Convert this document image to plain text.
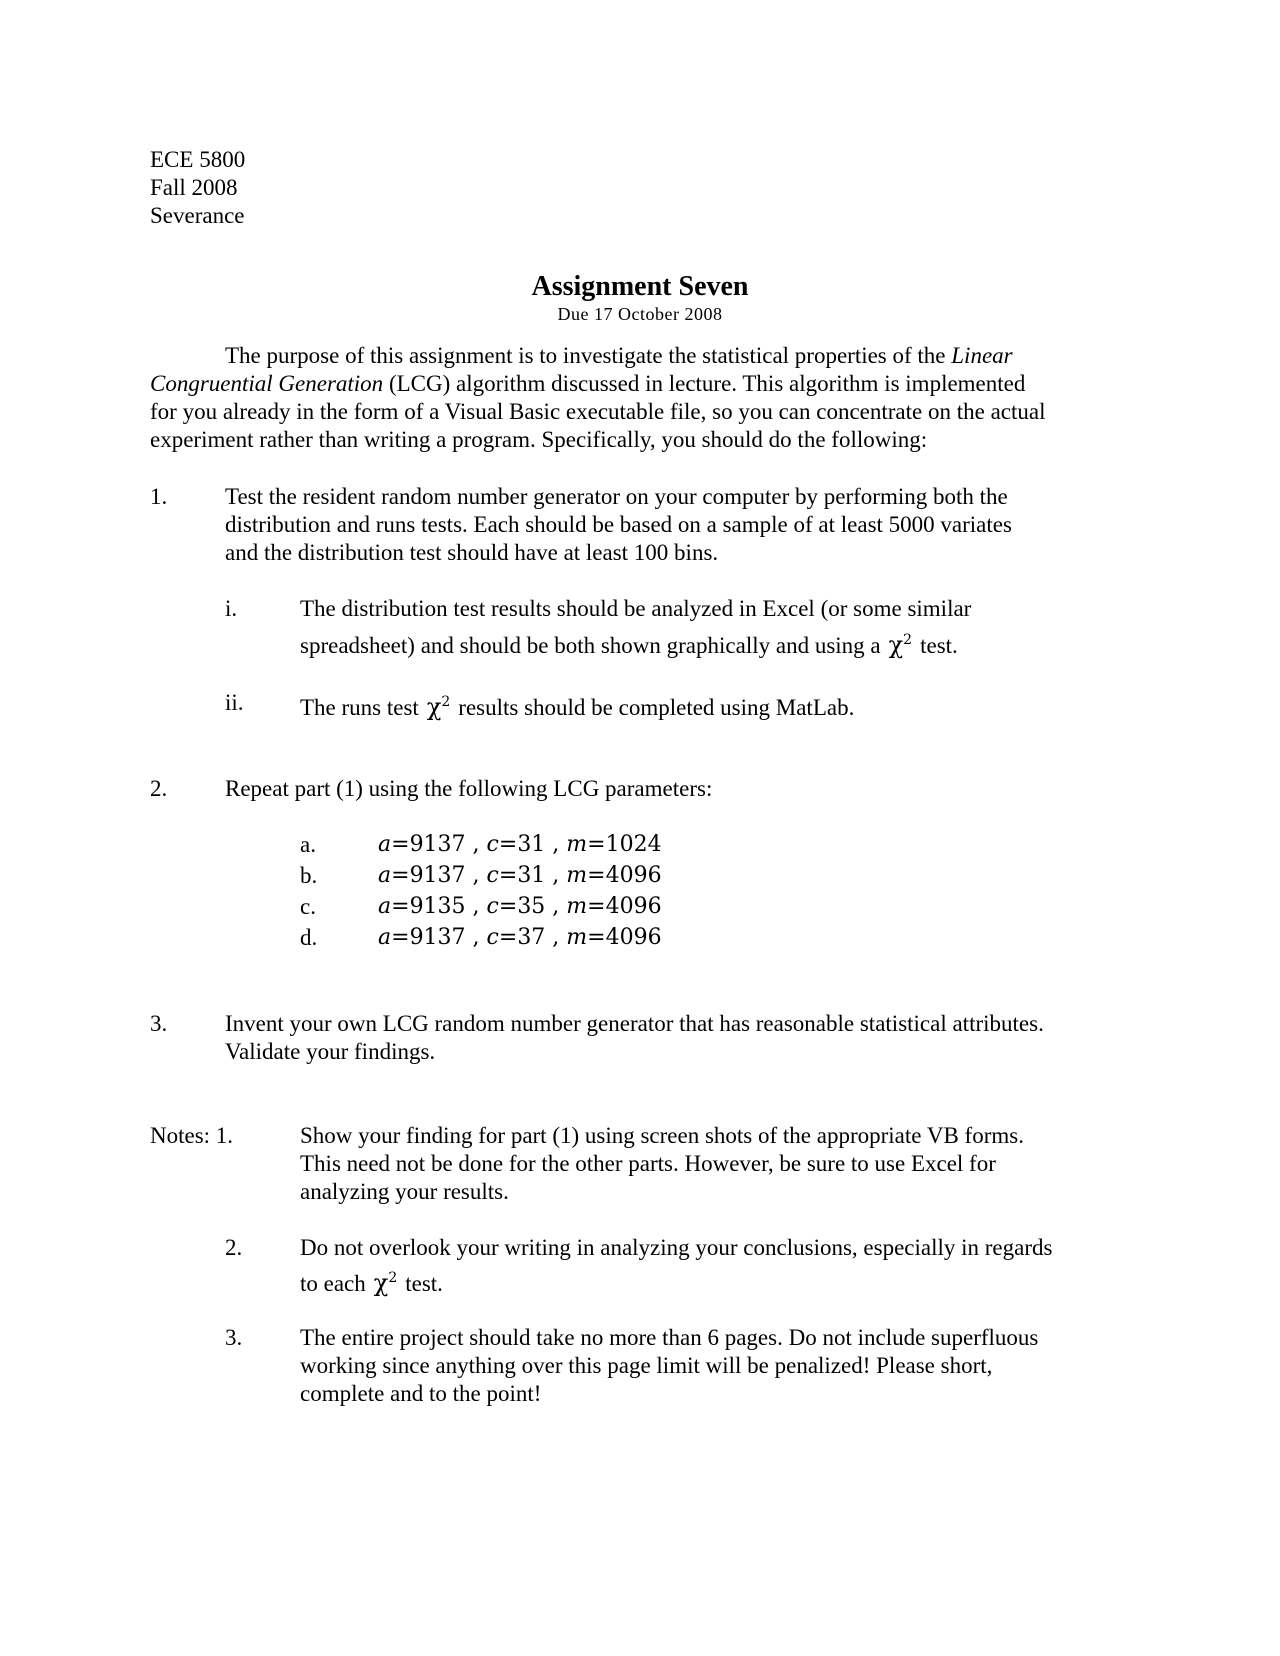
ECE 5800
Fall 2008
Severance
Assignment Seven
Due 17 October 2008
The purpose of this assignment is to investigate the statistical properties of the Linear
Congruential Generation (LCG) algorithm discussed in lecture. This algorithm is implemented
for you already in the form of a Visual Basic executable file, so you can concentrate on the actual
experiment rather than writing a program. Specifically, you should do the following:
1.	Test the resident random number generator on your computer by performing both the
distribution and runs tests. Each should be based on a sample of at least 5000 variates
and the distribution test should have at least 100 bins.
i.	The distribution test results should be analyzed in Excel (or some similar
spreadsheet) and should be both shown graphically and using a $\chi^2$ test.
ii. The runs test $\chi^2$ results should be completed using MatLab.
2.	Repeat part (1) using the following LCG parameters:
a.	a=9137 , c=31 , m=1024
b.	a=9137 , c=31 , m=4096
c.	a=9135 , c=35 , m=4096
d.	a=9137 , c=37 , m=4096
3.	Invent your own LCG random number generator that has reasonable statistical attributes.
Validate your findings.
Notes: 1.	Show your finding for part (1) using screen shots of the appropriate VB forms.
This need not be done for the other parts. However, be sure to use Excel for
analyzing your results.
2.	Do not overlook your writing in analyzing your conclusions, especially in regards
to each $\chi^2$ test.
3.	The entire project should take no more than 6 pages. Do not include superfluous
working since anything over this page limit will be penalized! Please short,
complete and to the point!
